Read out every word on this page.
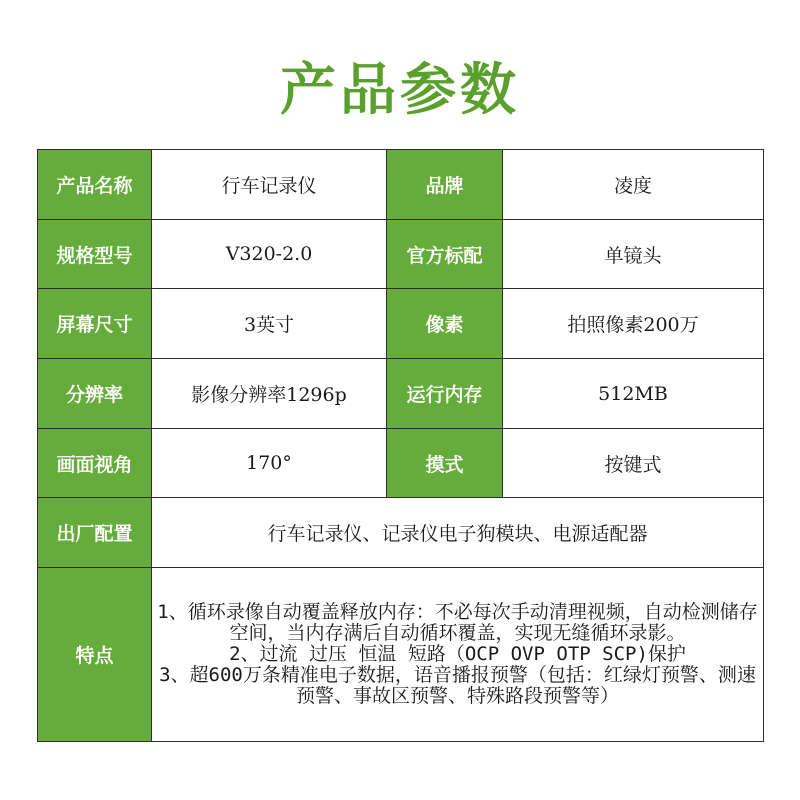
产品参数
产品名称	行车记录仪	品牌	凌度
规格型号	V320-2.0	官方标配	单镜头
屏幕尺寸	3英寸	像素	拍照像素200万
分辨率	影像分辨率1296p	运行内存	512MB
画面视角	170°	摸式	按键式
出厂配置	行车记录仪、记录仪电子狗模块、电源适配器		
特点	1、循环录像自动覆盖释放内存：不必每次手动清理视频，自动检测储存空间，当内存满后自动循环覆盖，实现无缝循环录影。
2、过流 过压 恒温 短路（OCP OVP OTP SCP)保护
3、超600万条精准电子数据，语音播报预警（包括：红绿灯预警、测速预警、事故区预警、特殊路段预警等）		
